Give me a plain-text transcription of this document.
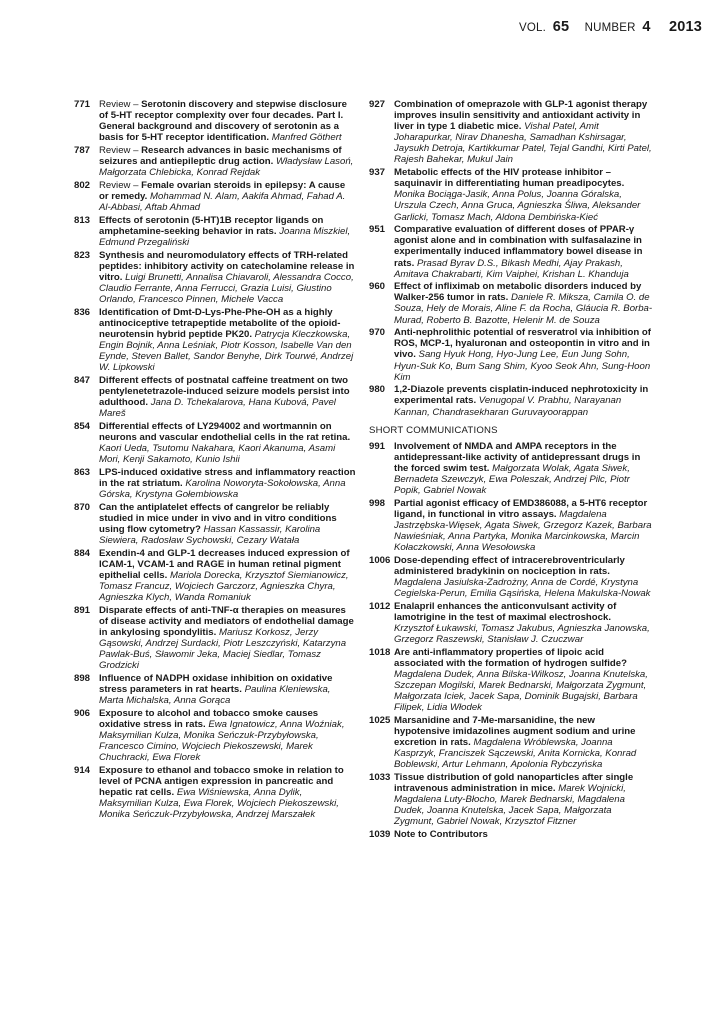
VOL. 65 NUMBER 4 2013
771 Review – Serotonin discovery and stepwise disclosure of 5-HT receptor complexity over four decades. Part I. General background and discovery of serotonin as a basis for 5-HT receptor identification. Manfred Göthert
787 Review – Research advances in basic mechanisms of seizures and antiepileptic drug action. Władysław Lasoń, Małgorzata Chlebicka, Konrad Rejdak
802 Review – Female ovarian steroids in epilepsy: A cause or remedy. Mohammad N. Alam, Aakifa Ahmad, Fahad A. Al-Abbasi, Aftab Ahmad
813 Effects of serotonin (5-HT)1B receptor ligands on amphetamine-seeking behavior in rats. Joanna Miszkiel, Edmund Przegaliński
823 Synthesis and neuromodulatory effects of TRH-related peptides: inhibitory activity on catecholamine release in vitro. Luigi Brunetti, Annalisa Chiavaroli, Alessandra Cocco, Claudio Ferrante, Anna Ferrucci, Grazia Luisi, Giustino Orlando, Francesco Pinnen, Michele Vacca
836 Identification of Dmt-D-Lys-Phe-Phe-OH as a highly antinociceptive tetrapeptide metabolite of the opioid-neurotensin hybrid peptide PK20. Patrycja Kleczkowska, Engin Bojnik, Anna Leśniak, Piotr Kosson, Isabelle Van den Eynde, Steven Ballet, Sandor Benyhe, Dirk Tourwé, Andrzej W. Lipkowski
847 Different effects of postnatal caffeine treatment on two pentylenetetrazole-induced seizure models persist into adulthood. Jana D. Tchekalarova, Hana Kubová, Pavel Mareš
854 Differential effects of LY294002 and wortmannin on neurons and vascular endothelial cells in the rat retina. Kaori Ueda, Tsutomu Nakahara, Kaori Akanuma, Asami Mori, Kenji Sakamoto, Kunio Ishii
863 LPS-induced oxidative stress and inflammatory reaction in the rat striatum. Karolina Noworyta-Sokołowska, Anna Górska, Krystyna Gołembiowska
870 Can the antiplatelet effects of cangrelor be reliably studied in mice under in vivo and in vitro conditions using flow cytometry? Hassan Kassassir, Karolina Siewiera, Radosław Sychowski, Cezary Watała
884 Exendin-4 and GLP-1 decreases induced expression of ICAM-1, VCAM-1 and RAGE in human retinal pigment epithelial cells. Mariola Dorecka, Krzysztof Siemianowicz, Tomasz Francuz, Wojciech Garczorz, Agnieszka Chyra, Agnieszka Klych, Wanda Romaniuk
891 Disparate effects of anti-TNF-α therapies on measures of disease activity and mediators of endothelial damage in ankylosing spondylitis. Mariusz Korkosz, Jerzy Gąsowski, Andrzej Surdacki, Piotr Leszczyński, Katarzyna Pawlak-Buś, Sławomir Jeka, Maciej Siedlar, Tomasz Grodzicki
898 Influence of NADPH oxidase inhibition on oxidative stress parameters in rat hearts. Paulina Kleniewska, Marta Michalska, Anna Gorąca
906 Exposure to alcohol and tobacco smoke causes oxidative stress in rats. Ewa Ignatowicz, Anna Woźniak, Maksymilian Kulza, Monika Seńczuk-Przybyłowska, Francesco Cimino, Wojciech Piekoszewski, Marek Chuchracki, Ewa Florek
914 Exposure to ethanol and tobacco smoke in relation to level of PCNA antigen expression in pancreatic and hepatic rat cells. Ewa Wiśniewska, Anna Dylik, Maksymilian Kulza, Ewa Florek, Wojciech Piekoszewski, Monika Seńczuk-Przybyłowska, Andrzej Marszałek
927 Combination of omeprazole with GLP-1 agonist therapy improves insulin sensitivity and antioxidant activity in liver in type 1 diabetic mice. Vishal Patel, Amit Joharapurkar, Nirav Dhanesha, Samadhan Kshirsagar, Jaysukh Detroja, Kartikkumar Patel, Tejal Gandhi, Kirti Patel, Rajesh Bahekar, Mukul Jain
937 Metabolic effects of the HIV protease inhibitor – saquinavir in differentiating human preadipocytes. Monika Bociąga-Jasik, Anna Polus, Joanna Góralska, Urszula Czech, Anna Gruca, Agnieszka Śliwa, Aleksander Garlicki, Tomasz Mach, Aldona Dembińska-Kieć
951 Comparative evaluation of different doses of PPAR-γ agonist alone and in combination with sulfasalazine in experimentally induced inflammatory bowel disease in rats. Prasad Byrav D.S., Bikash Medhi, Ajay Prakash, Amitava Chakrabarti, Kim Vaiphei, Krishan L. Khanduja
960 Effect of infliximab on metabolic disorders induced by Walker-256 tumor in rats. Daniele R. Miksza, Camila O. de Souza, Hely de Morais, Aline F. da Rocha, Gláucia R. Borba-Murad, Roberto B. Bazotte, Helenir M. de Souza
970 Anti-nephrolithic potential of resveratrol via inhibition of ROS, MCP-1, hyaluronan and osteopontin in vitro and in vivo. Sang Hyuk Hong, Hyo-Jung Lee, Eun Jung Sohn, Hyun-Suk Ko, Bum Sang Shim, Kyoo Seok Ahn, Sung-Hoon Kim
980 1,2-Diazole prevents cisplatin-induced nephrotoxicity in experimental rats. Venugopal V. Prabhu, Narayanan Kannan, Chandrasekharan Guruvayoorappan
SHORT COMMUNICATIONS
991 Involvement of NMDA and AMPA receptors in the antidepressant-like activity of antidepressant drugs in the forced swim test. Małgorzata Wolak, Agata Siwek, Bernadeta Szewczyk, Ewa Poleszak, Andrzej Pilc, Piotr Popik, Gabriel Nowak
998 Partial agonist efficacy of EMD386088, a 5-HT6 receptor ligand, in functional in vitro assays. Magdalena Jastrzębska-Więsek, Agata Siwek, Grzegorz Kazek, Barbara Nawieśniak, Anna Partyka, Monika Marcinkowska, Marcin Kołaczkowski, Anna Wesołowska
1006 Dose-depending effect of intracerebroventricularly administered bradykinin on nociception in rats. Magdalena Jasiulska-Zadrożny, Anna de Cordé, Krystyna Cegielska-Perun, Emilia Gąsińska, Helena Makulska-Nowak
1012 Enalapril enhances the anticonvulsant activity of lamotrigine in the test of maximal electroshock. Krzysztof Łukawski, Tomasz Jakubus, Agnieszka Janowska, Grzegorz Raszewski, Stanisław J. Czuczwar
1018 Are anti-inflammatory properties of lipoic acid associated with the formation of hydrogen sulfide? Magdalena Dudek, Anna Bilska-Wilkosz, Joanna Knutelska, Szczepan Mogilski, Marek Bednarski, Małgorzata Zygmunt, Małgorzata Iciek, Jacek Sapa, Dominik Bugajski, Barbara Filipek, Lidia Włodek
1025 Marsanidine and 7-Me-marsanidine, the new hypotensive imidazolines augment sodium and urine excretion in rats. Magdalena Wróblewska, Joanna Kasprzyk, Franciszek Sączewski, Anita Kornicka, Konrad Boblewski, Artur Lehmann, Apolonia Rybczyńska
1033 Tissue distribution of gold nanoparticles after single intravenous administration in mice. Marek Wojnicki, Magdalena Luty-Błocho, Marek Bednarski, Magdalena Dudek, Joanna Knutelska, Jacek Sapa, Małgorzata Zygmunt, Gabriel Nowak, Krzysztof Fitzner
1039 Note to Contributors
